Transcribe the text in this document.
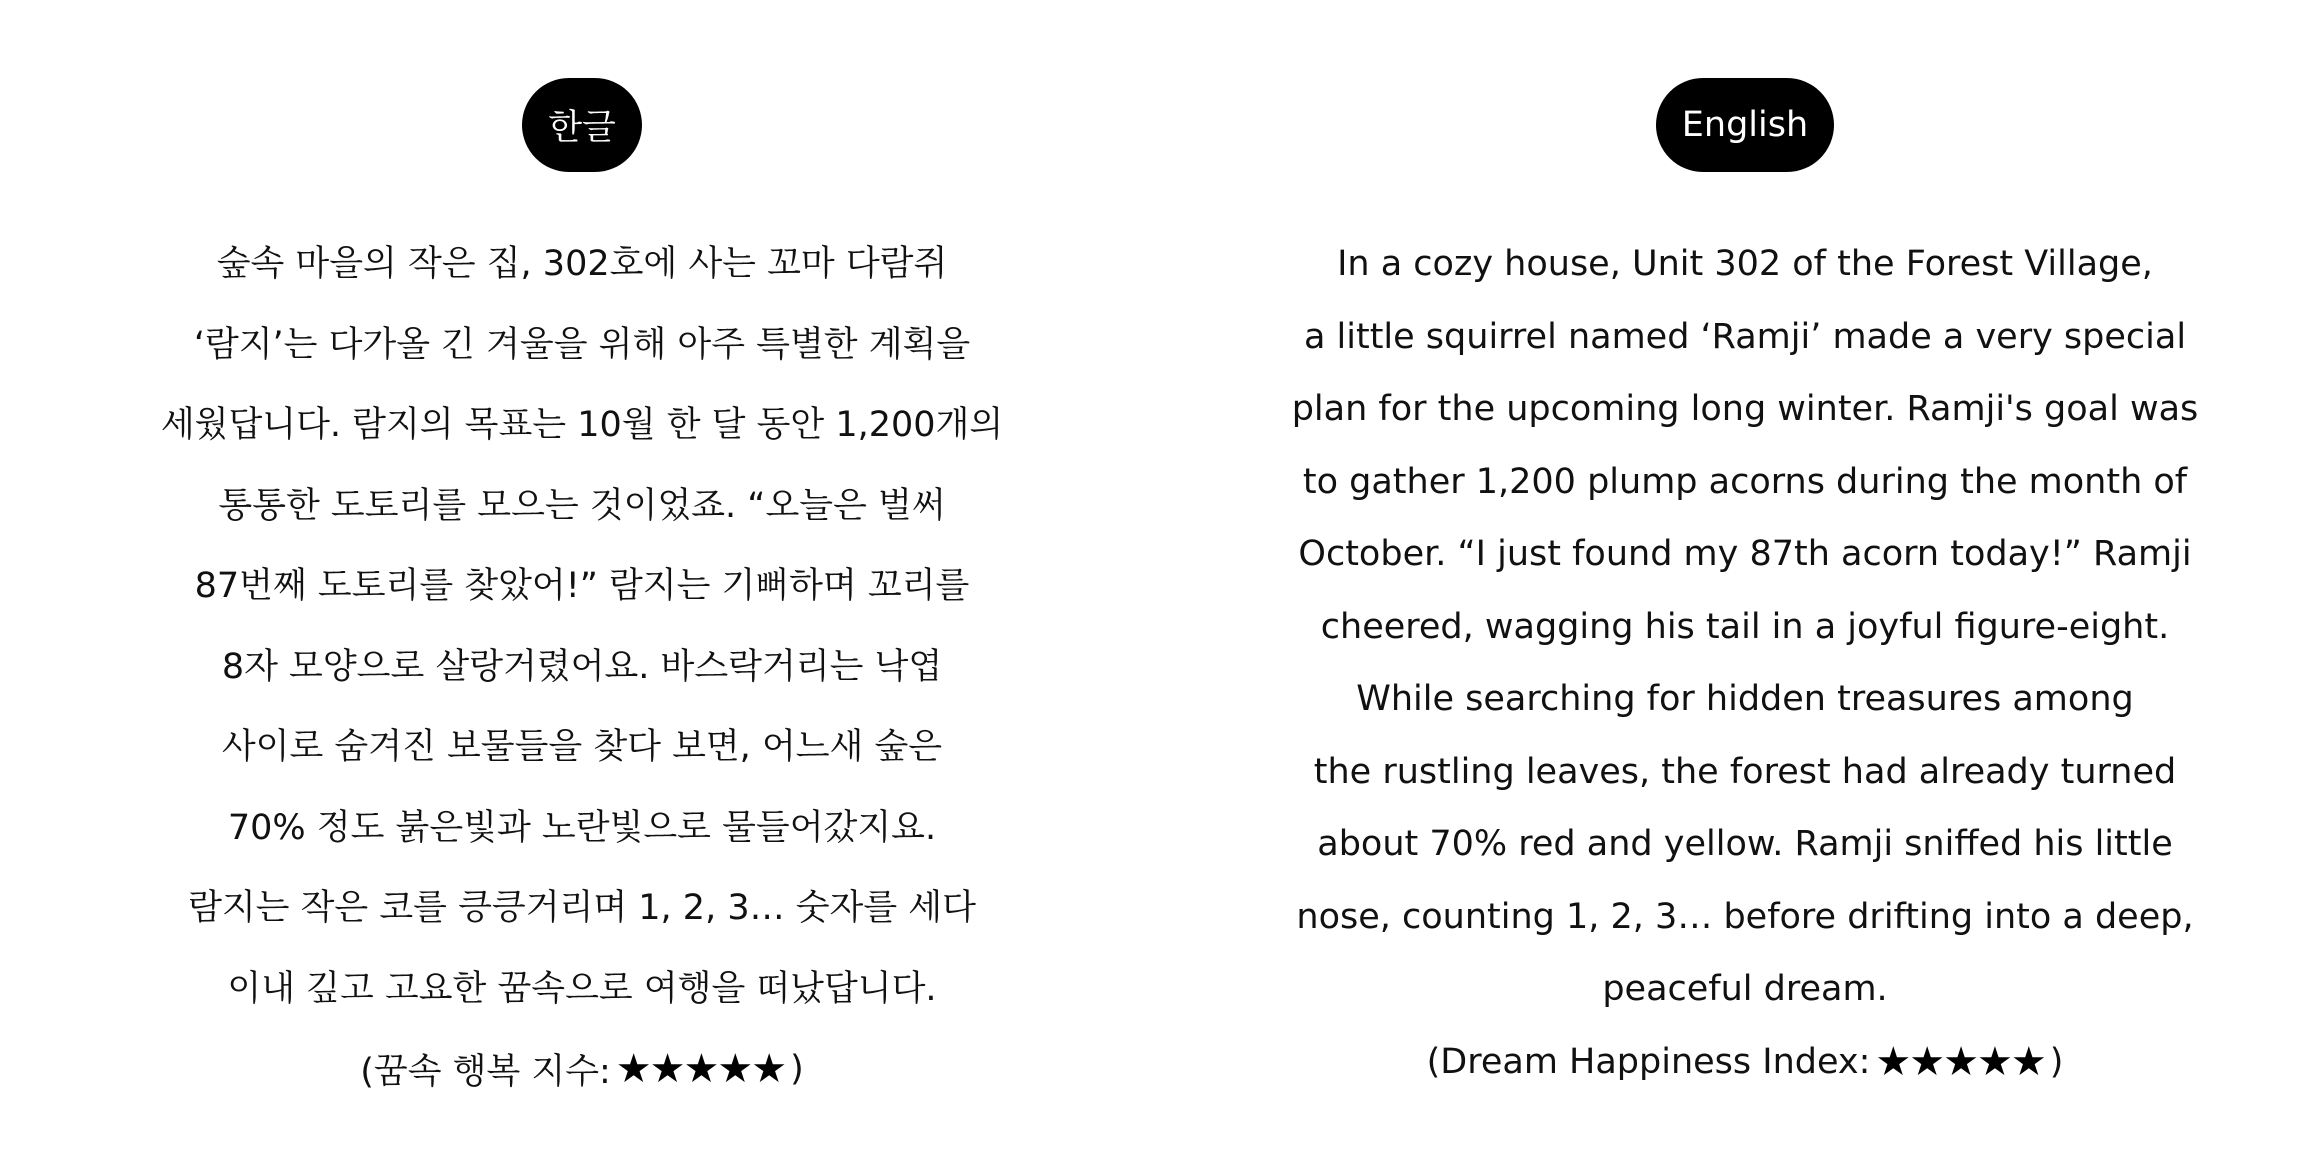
한글
숲속 마을의 작은 집, 302호에 사는 꼬마 다람쥐
‘람지’는 다가올 긴 겨울을 위해 아주 특별한 계획을
세웠답니다. 람지의 목표는 10월 한 달 동안 1,200개의
통통한 도토리를 모으는 것이었죠. “오늘은 벌써
87번째 도토리를 찾았어!” 람지는 기뻐하며 꼬리를
8자 모양으로 살랑거렸어요. 바스락거리는 낙엽
사이로 숨겨진 보물들을 찾다 보면, 어느새 숲은
70% 정도 붉은빛과 노란빛으로 물들어갔지요.
람지는 작은 코를 킁킁거리며 1, 2, 3… 숫자를 세다
이내 깊고 고요한 꿈속으로 여행을 떠났답니다.
(꿈속 행복 지수: ★
★
★
★
★ )
English
In a cozy house, Unit 302 of the Forest Village,
a little squirrel named ‘Ramji’ made a very special
plan for the upcoming long winter. Ramji's goal was
to gather 1,200 plump acorns during the month of
October. “I just found my 87th acorn today!” Ramji
cheered, wagging his tail in a joyful figure-eight.
While searching for hidden treasures among
the rustling leaves, the forest had already turned
about 70% red and yellow. Ramji sniffed his little
nose, counting 1, 2, 3… before drifting into a deep,
peaceful dream.
(Dream Happiness Index: ★
★
★
★
★ )
